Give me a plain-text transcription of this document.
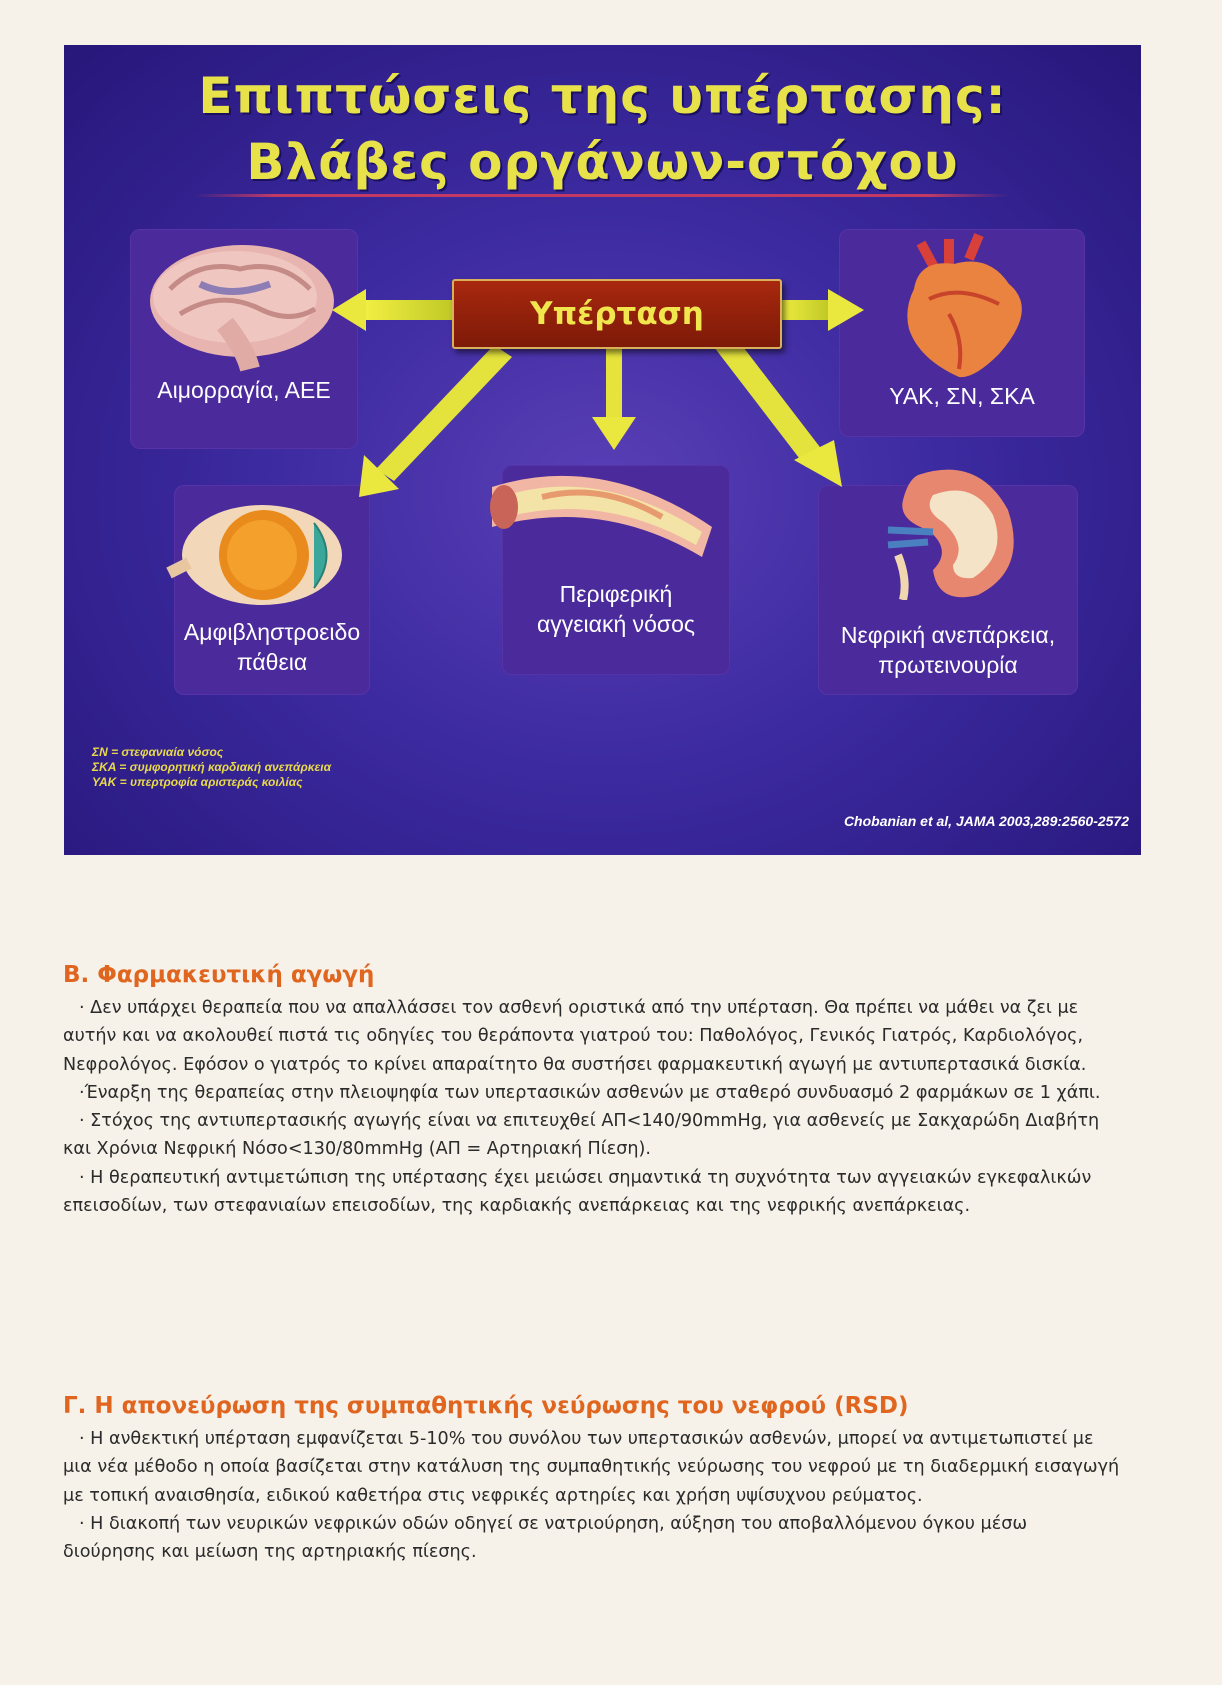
Επιπτώσεις της υπέρτασης:
Βλάβες οργάνων-στόχου
Αιμορραγία, ΑΕΕ	ΥΑΚ, ΣΝ, ΣΚΑ
Αμφιβληστροειδο
πάθεια
Περιφερική
αγγειακή νόσος	Νεφρική ανεπάρκεια,
πρωτεινουρία
Υπέρταση
ΣΝ = στεφανιαία νόσος
ΣΚΑ = συμφορητική καρδιακή ανεπάρκεια
ΥΑΚ = υπερτροφία αριστεράς κοιλίας
Chobanian et al, JAMA 2003,289:2560-2572
Β. Φαρμακευτική αγωγή

· Δεν υπάρχει θεραπεία που να απαλλάσσει τον ασθενή οριστικά από την υπέρταση. Θα πρέπει να μάθει να ζει με αυτήν και να ακολουθεί πιστά τις οδηγίες του θεράποντα γιατρού του: Παθολόγος, Γενικός Γιατρός, Καρδιολόγος, Νεφρολόγος. Εφόσον ο γιατρός το κρίνει απαραίτητο θα συστήσει φαρμακευτική αγωγή με αντιυπερτασικά δισκία.

·Έναρξη της θεραπείας στην πλειοψηφία των υπερτασικών ασθενών με σταθερό συνδυασμό 2 φαρμάκων σε 1 χάπι.

· Στόχος της αντιυπερτασικής αγωγής είναι να επιτευχθεί ΑΠ<140/90mmHg, για ασθενείς με Σακχαρώδη Διαβήτη και Χρόνια Νεφρική Νόσο<130/80mmHg (ΑΠ = Αρτηριακή Πίεση).

· Η θεραπευτική αντιμετώπιση της υπέρτασης έχει μειώσει σημαντικά τη συχνότητα των αγγειακών εγκεφαλικών επεισοδίων, των στεφανιαίων επεισοδίων, της καρδιακής ανεπάρκειας και της νεφρικής ανεπάρκειας.

Γ. Η απονεύρωση της συμπαθητικής νεύρωσης του νεφρού (RSD)

· Η ανθεκτική υπέρταση εμφανίζεται 5-10% του συνόλου των υπερτασικών ασθενών, μπορεί να αντιμετωπιστεί με μια νέα μέθοδο η οποία βασίζεται στην κατάλυση της συμπαθητικής νεύρωσης του νεφρού με τη διαδερμική εισαγωγή με τοπική αναισθησία, ειδικού καθετήρα στις νεφρικές αρτηρίες και χρήση υψίσυχνου ρεύματος.

· Η διακοπή των νευρικών νεφρικών οδών οδηγεί σε νατριούρηση, αύξηση του αποβαλλόμενου όγκου μέσω διούρησης και μείωση της αρτηριακής πίεσης.
